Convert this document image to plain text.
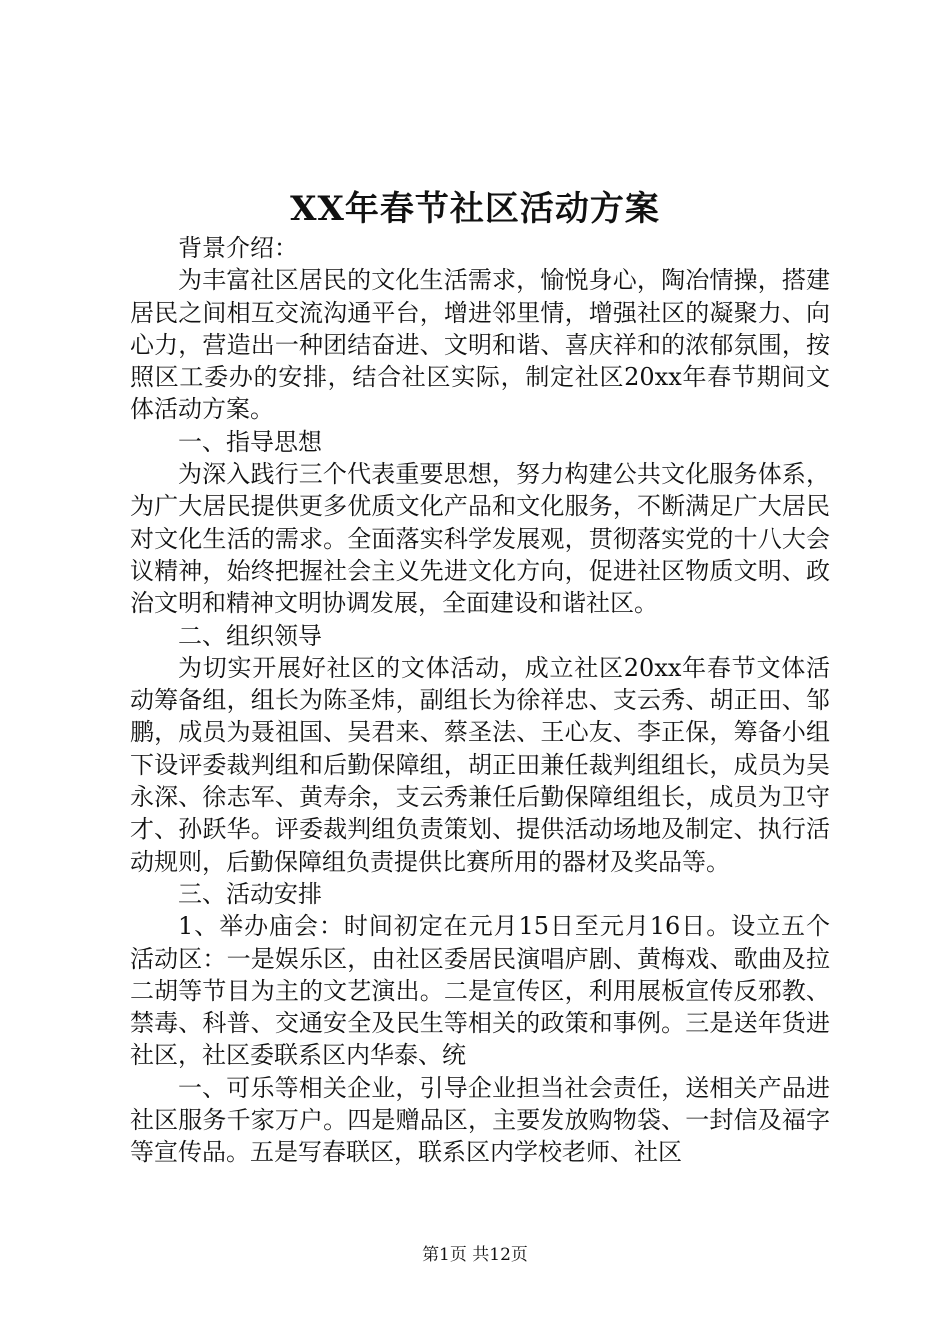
XX年春节社区活动方案

背景介绍：

为丰富社区居民的文化生活需求，愉悦身心，陶冶情操，搭建居民之间相互交流沟通平台，增进邻里情，增强社区的凝聚力、向心力，营造出一种团结奋进、文明和谐、喜庆祥和的浓郁氛围，按照区工委办的安排，结合社区实际，制定社区20xx年春节期间文体活动方案。

一、指导思想

为深入践行三个代表重要思想，努力构建公共文化服务体系，为广大居民提供更多优质文化产品和文化服务，不断满足广大居民对文化生活的需求。全面落实科学发展观，贯彻落实党的十八大会议精神，始终把握社会主义先进文化方向，促进社区物质文明、政治文明和精神文明协调发展，全面建设和谐社区。

二、组织领导

为切实开展好社区的文体活动，成立社区20xx年春节文体活动筹备组，组长为陈圣炜，副组长为徐祥忠、支云秀、胡正田、邹鹏，成员为聂祖国、吴君来、蔡圣法、王心友、李正保，筹备小组下设评委裁判组和后勤保障组，胡正田兼任裁判组组长，成员为吴永深、徐志军、黄寿余，支云秀兼任后勤保障组组长，成员为卫守才、孙跃华。评委裁判组负责策划、提供活动场地及制定、执行活动规则，后勤保障组负责提供比赛所用的器材及奖品等。

三、活动安排

1、举办庙会：时间初定在元月15日至元月16日。设立五个活动区：一是娱乐区，由社区委居民演唱庐剧、黄梅戏、歌曲及拉二胡等节目为主的文艺演出。二是宣传区，利用展板宣传反邪教、禁毒、科普、交通安全及民生等相关的政策和事例。三是送年货进社区，社区委联系区内华泰、统

一、可乐等相关企业，引导企业担当社会责任，送相关产品进社区服务千家万户。四是赠品区，主要发放购物袋、一封信及福字等宣传品。五是写春联区，联系区内学校老师、社区

第1页 共12页
